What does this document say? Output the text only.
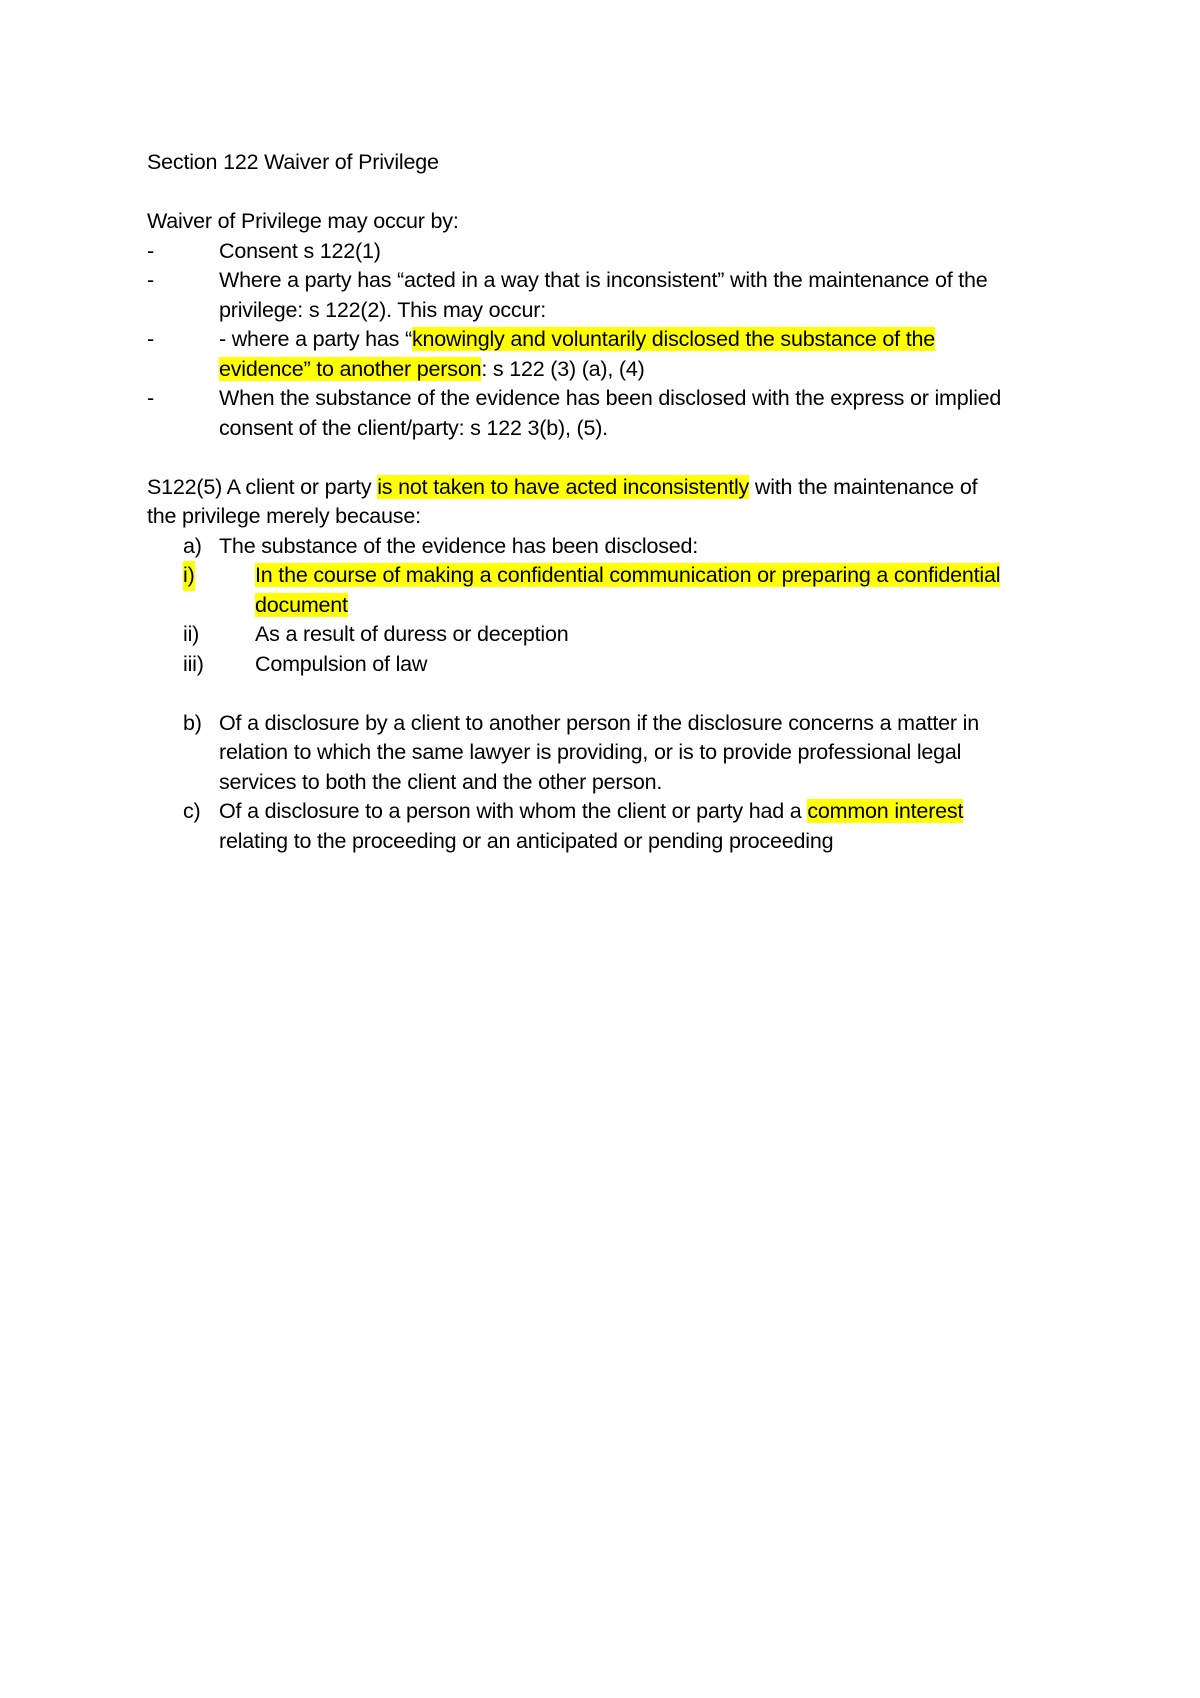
Section 122 Waiver of Privilege
Waiver of Privilege may occur by:
-	Consent s 122(1)
-	Where a party has “acted in a way that is inconsistent” with the maintenance of the
privilege: s 122(2). This may occur:
-	- where a party has “knowingly and voluntarily disclosed the substance of the
evidence” to another person: s 122 (3) (a), (4)
-	When the substance of the evidence has been disclosed with the express or implied
consent of the client/party: s 122 3(b), (5).
S122(5) A client or party is not taken to have acted inconsistently with the maintenance of
the privilege merely because:
a) The substance of the evidence has been disclosed:
i)	In the course of making a confidential communication or preparing a confidential
document
ii)	As a result of duress or deception
iii) Compulsion of law
b) Of a disclosure by a client to another person if the disclosure concerns a matter in
relation to which the same lawyer is providing, or is to provide professional legal
services to both the client and the other person.
c) Of a disclosure to a person with whom the client or party had a common interest
relating to the proceeding or an anticipated or pending proceeding
